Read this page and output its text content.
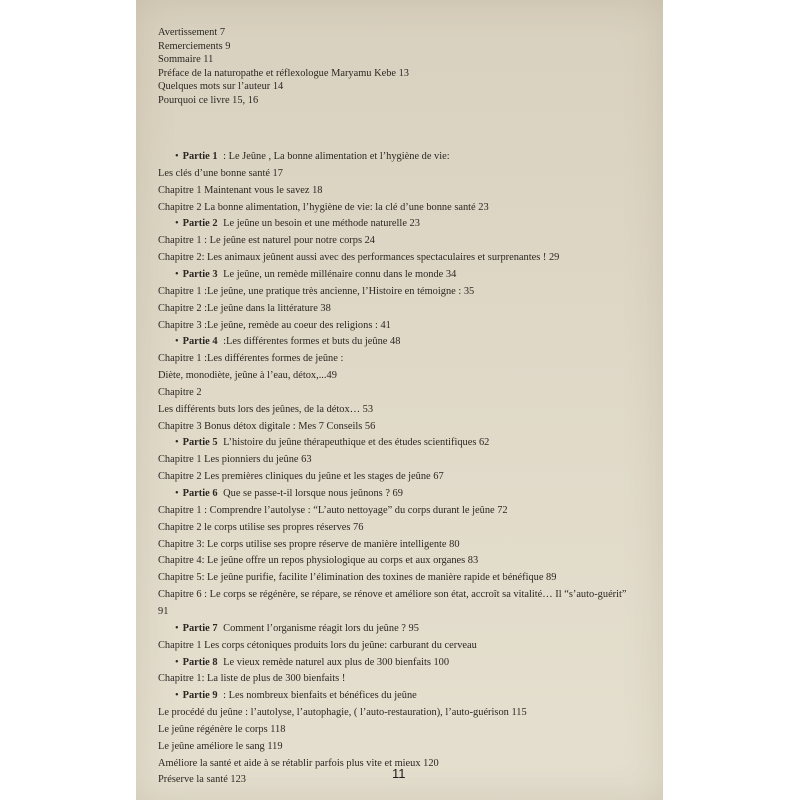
Avertissement 7
Remerciements 9
Sommaire 11
Préface de la naturopathe et réflexologue Maryamu Kebe 13
Quelques mots sur l’auteur 14
Pourquoi ce livre 15, 16
• Partie 1 : Le Jeûne , La bonne alimentation et l’hygiène de vie:
Les clés d’une bonne santé 17
Chapitre 1 Maintenant vous le savez 18
Chapitre 2 La bonne alimentation, l’hygiène de vie: la clé d’une bonne santé 23
• Partie 2 Le jeûne un besoin et une méthode naturelle 23
Chapitre 1 : Le jeûne est naturel pour notre corps 24
Chapitre 2: Les animaux jeûnent aussi avec des performances spectaculaires et surprenantes ! 29
• Partie 3 Le jeûne, un remède millénaire connu dans le monde 34
Chapitre 1 :Le jeûne, une pratique très ancienne, l’Histoire en témoigne : 35
Chapitre 2 :Le jeûne dans la littérature 38
Chapitre 3 :Le jeûne, remède au coeur des religions : 41
• Partie 4 :Les différentes formes et buts du jeûne 48
Chapitre 1 :Les différentes formes de jeûne :
Diète, monodiète, jeûne à l’eau, détox,...49
Chapitre 2
Les différents buts lors des jeûnes, de la détox… 53
Chapitre 3 Bonus détox digitale : Mes 7 Conseils 56
• Partie 5 L’histoire du jeûne thérapeuthique et des études scientifiques 62
Chapitre 1 Les pionniers du jeûne 63
Chapitre 2 Les premières cliniques du jeûne et les stages de jeûne 67
• Partie 6 Que se passe-t-il lorsque nous jeûnons ? 69
Chapitre 1 : Comprendre l’autolyse : “L’auto nettoyage” du corps durant le jeûne 72
Chapitre 2 le corps utilise ses propres réserves 76
Chapitre 3: Le corps utilise ses propre réserve de manière intelligente 80
Chapitre 4: Le jeûne offre un repos physiologique au corps et aux organes 83
Chapitre 5: Le jeûne purifie, facilite l’élimination des toxines de manière rapide et bénéfique 89
Chapitre 6 : Le corps se régénère, se répare, se rénove et améliore son état, accroît sa vitalité… Il “s’auto-guérit”
91
• Partie 7 Comment l’organisme réagit lors du jeûne ? 95
Chapitre 1 Les corps cétoniques produits lors du jeûne: carburant du cerveau
• Partie 8 Le vieux remède naturel aux plus de 300 bienfaits 100
Chapitre 1: La liste de plus de 300 bienfaits !
• Partie 9 : Les nombreux bienfaits et bénéfices du jeûne
Le procédé du jeûne : l’autolyse, l’autophagie, ( l’auto-restauration), l’auto-guérison 115
Le jeûne régénère le corps 118
Le jeûne améliore le sang 119
Améliore la santé et aide à se rétablir parfois plus vite et mieux 120
Préserve la santé 123	11
